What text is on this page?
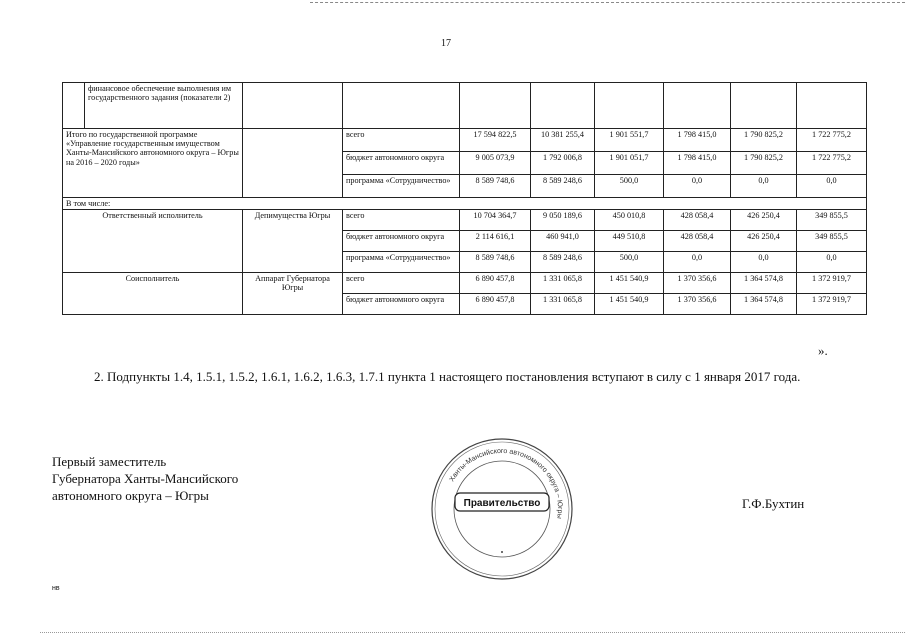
17
	финансовое обеспечение выполнения им государственного задания (показатели 2)								
Итого по государственной программе «Управление государственным имуществом Ханты-Мансийского автономного округа – Югры на 2016 – 2020 годы»			всего	17 594 822,5	10 381 255,4	1 901 551,7	1 798 415,0	1 790 825,2	1 722 775,2
			бюджет автономного округа	9 005 073,9	1 792 006,8	1 901 051,7	1 798 415,0	1 790 825,2	1 722 775,2
			программа «Сотрудничество»	8 589 748,6	8 589 248,6	500,0	0,0	0,0	0,0
В том числе:									
Ответственный исполнитель		Депимущества Югры	всего	10 704 364,7	9 050 189,6	450 010,8	428 058,4	426 250,4	349 855,5
			бюджет автономного округа	2 114 616,1	460 941,0	449 510,8	428 058,4	426 250,4	349 855,5
			программа «Сотрудничество»	8 589 748,6	8 589 248,6	500,0	0,0	0,0	0,0
Соисполнитель		Аппарат Губернатора Югры	всего	6 890 457,8	1 331 065,8	1 451 540,9	1 370 356,6	1 364 574,8	1 372 919,7
			бюджет автономного округа	6 890 457,8	1 331 065,8	1 451 540,9	1 370 356,6	1 364 574,8	1 372 919,7
».
2. Подпункты 1.4, 1.5.1, 1.5.2, 1.6.1, 1.6.2, 1.6.3, 1.7.1 пункта 1 настоящего постановления вступают в силу с 1 января 2017 года.
Первый заместитель
Губернатора Ханты-Мансийского
автономного округа – Югры
Ханты-Мансийского автономного округа – Югры
Правительство	Г.Ф.Бухтин
нв
